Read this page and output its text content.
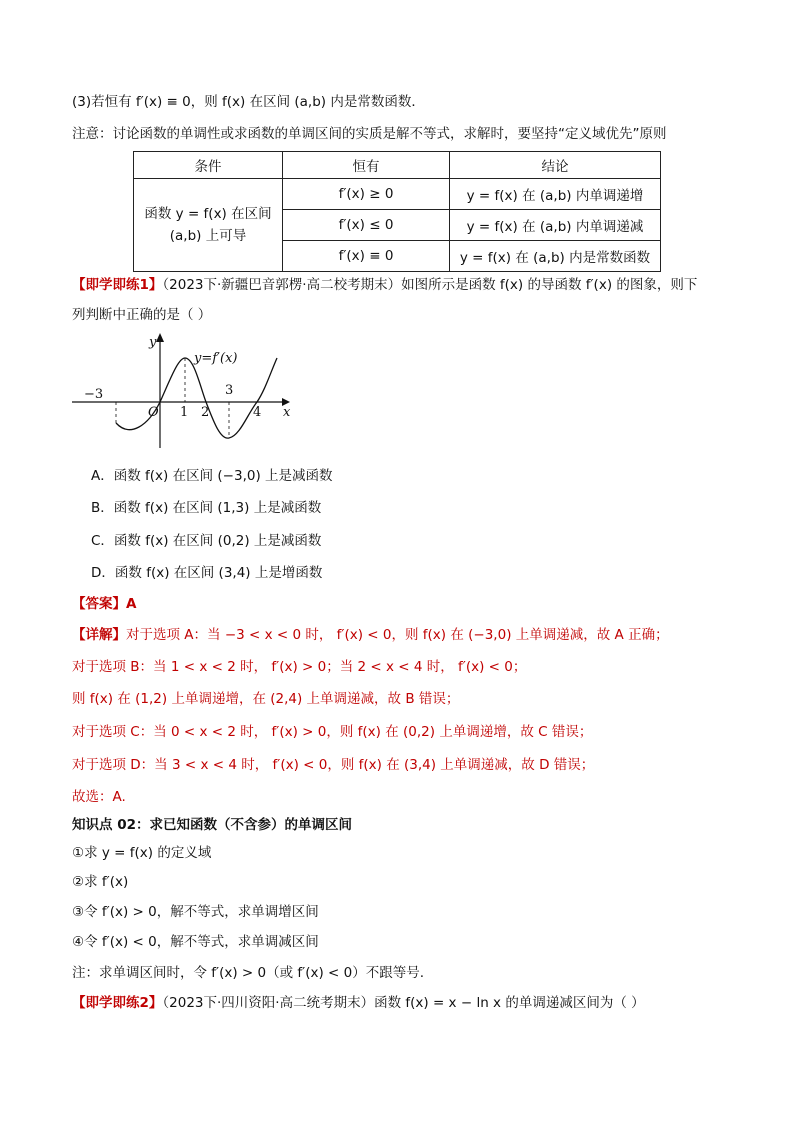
(3)若恒有 f′(x) ≡ 0，则 f(x) 在区间 (a,b) 内是常数函数．
注意：讨论函数的单调性或求函数的单调区间的实质是解不等式，求解时，要坚持“定义域优先”原则
条件	恒有	结论
函数 y = f(x) 在区间 (a,b) 上可导	f′(x) ≥ 0	y = f(x) 在 (a,b) 内单调递增
	f′(x) ≤ 0	y = f(x) 在 (a,b) 内单调递减
	f′(x) ≡ 0	y = f(x) 在 (a,b) 内是常数函数
【即学即练1】（2023下·新疆巴音郭楞·高二校考期末）如图所示是函数 f(x) 的导函数 f′(x) 的图象，则下
列判断中正确的是（ ）
y
x
y=f′(x)
O
−3
1 2
3
4
A．函数 f(x) 在区间 (−3,0) 上是减函数
B．函数 f(x) 在区间 (1,3) 上是减函数
C．函数 f(x) 在区间 (0,2) 上是减函数
D．函数 f(x) 在区间 (3,4) 上是增函数
【答案】A
【详解】对于选项 A：当 −3 < x < 0 时， f′(x) < 0，则 f(x) 在 (−3,0) 上单调递减，故 A 正确；
对于选项 B：当 1 < x < 2 时， f′(x) > 0；当 2 < x < 4 时， f′(x) < 0；
则 f(x) 在 (1,2) 上单调递增，在 (2,4) 上单调递减，故 B 错误；
对于选项 C：当 0 < x < 2 时， f′(x) > 0，则 f(x) 在 (0,2) 上单调递增，故 C 错误；
对于选项 D：当 3 < x < 4 时， f′(x) < 0，则 f(x) 在 (3,4) 上单调递减，故 D 错误；
故选：A.
知识点 02：求已知函数（不含参）的单调区间
①求 y = f(x) 的定义域
②求 f′(x)
③令 f′(x) > 0，解不等式，求单调增区间
④令 f′(x) < 0，解不等式，求单调减区间
注：求单调区间时，令 f′(x) > 0（或 f′(x) < 0）不跟等号.
【即学即练2】（2023下·四川资阳·高二统考期末）函数 f(x) = x − ln x 的单调递减区间为（ ）
